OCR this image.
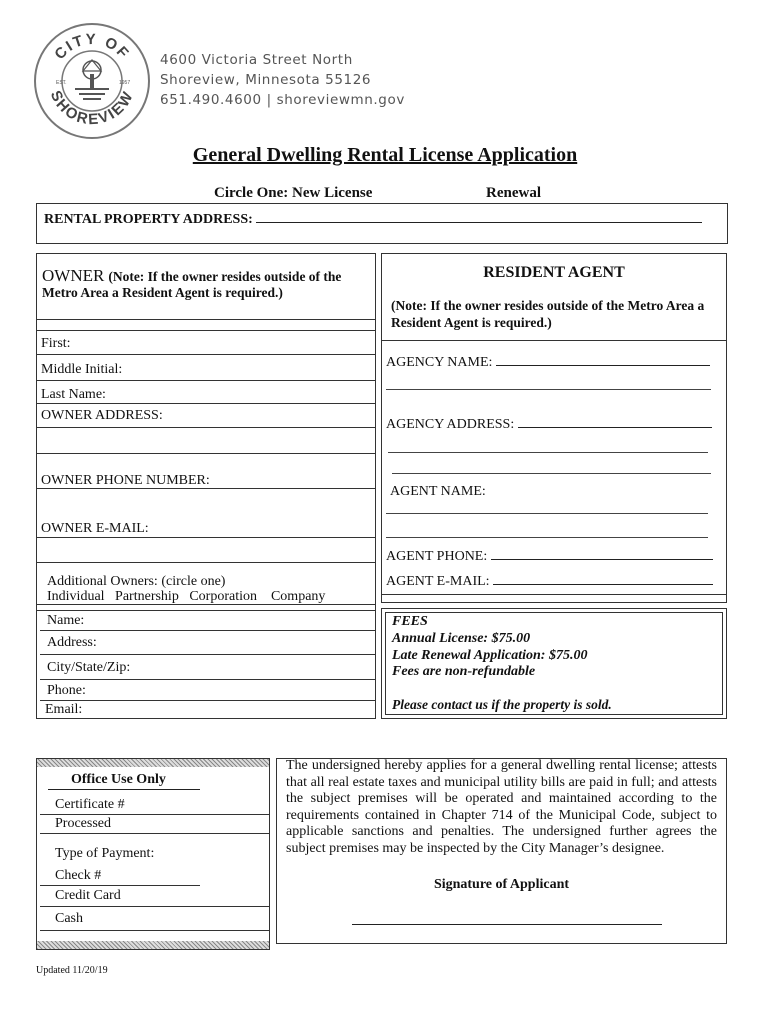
CITY OF
SHOREVIEW
EST.	1957
4600 Victoria Street North
Shoreview, Minnesota 55126
651.490.4600 | shoreviewmn.gov
General Dwelling Rental License Application
Circle One: New License	Renewal
RENTAL PROPERTY ADDRESS:
OWNER (Note: If the owner resides outside of the Metro Area a Resident Agent is required.)
First:
Middle Initial:
Last Name:
OWNER ADDRESS:
OWNER PHONE NUMBER:
OWNER E-MAIL:
Additional Owners: (circle one)
Individual Partnership Corporation Company
Name:
Address:
City/State/Zip:
Phone:
Email:
RESIDENT AGENT
(Note: If the owner resides outside of the Metro Area a Resident Agent is required.)
AGENCY NAME:
AGENCY ADDRESS:
AGENT NAME:
AGENT PHONE:
AGENT E-MAIL:
FEES
Annual License: $75.00
Late Renewal Application: $75.00
Fees are non-refundable
Please contact us if the property is sold.
Office Use Only
Certificate #
Processed
Type of Payment:
Check #
Credit Card
Cash
The undersigned hereby applies for a general dwelling rental license; attests that all real estate taxes and municipal utility bills are paid in full; and attests the subject premises will be operated and maintained according to the requirements contained in Chapter 714 of the Municipal Code, subject to applicable sanctions and penalties. The undersigned further agrees the subject premises may be inspected by the City Manager’s designee.
Signature of Applicant
Updated 11/20/19
